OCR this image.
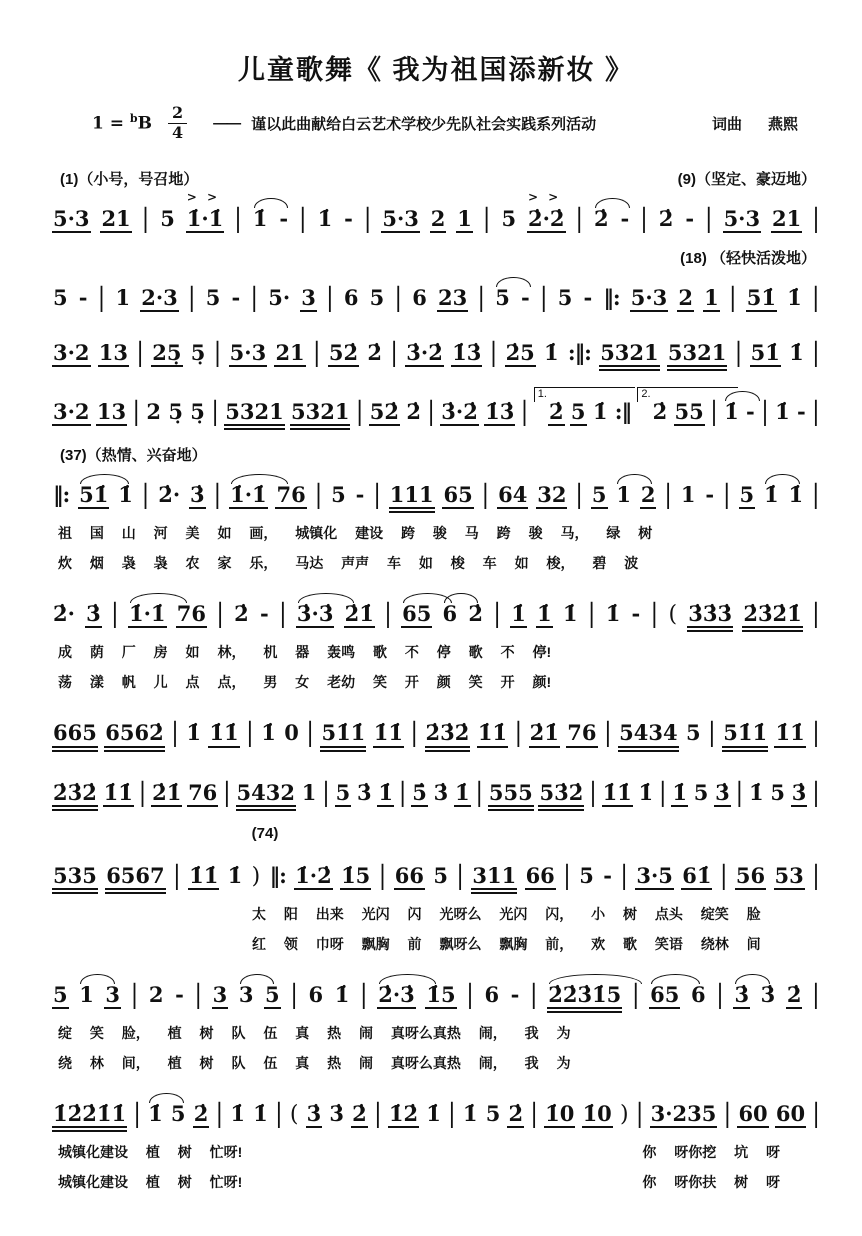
儿童歌舞《 我为祖国添新妆 》
$1 = ^bB \frac{2}{4}$ —— 谨以此曲献给白云艺术学校少先队社会实践系列活动	词曲 燕熙
(1)（小号，号召地）	(9)（坚定、豪迈地）
5·3 21 | 5 > > 1̇·1̇ | 1̇ - | 1̇ - | 5·3 2 1 | 5 > > 2̇·2̇ | 2̇ - | 2̇ - | 5·3 21 |
(18) （轻快活泼地）
5 - | 1 2·3 | 5 - | 5· 3 | 6 5 | 6 23 | 5 - | 5 - ‖: 5·3 2 1 | 51̇ 1̇ |
3·2 13 | 25̣ 5̣ | 5·3 21 | 52̇ 2̇ | 3̇·2̇ 1̇3̇ | 2̇5 1̇ :‖: 5321 5321 | 51̇ 1̇ |
3·2 13 | 2 5̣ 5̣ | 5321 5321 | 52̇ 2̇ | 3̇·2̇ 1̇3̇ |
1.
2̇ 5 1̇ :‖
2.
2̇ 55 | 1̇ - | 1̇ - |
(37)（热情、兴奋地）
‖: 51̇ 1̇ | 2̇· 3̇ | 1̇·1̇ 76 | 5 - | 111 65 | 64 32 | 5 1 2 | 1 - | 5 1̇ 1̇ |
祖 国 山 河 美 如 画， 城镇化 建设 跨 骏 马 跨 骏 马， 绿 树
炊 烟 袅 袅 农 家 乐， 马达 声声 车 如 梭 车 如 梭， 碧 波
2̇· 3̇ | 1̇·1̇ 76 | 2̇ - | 3̇·3̇ 2̇1̇ | 65 6 2̇ | 1̇ 1̇ 1̇ | 1̇ - | ( 3̇3̇3̇ 2̇3̇2̇1̇ |
成 荫 厂 房 如 林， 机 器 轰鸣 歌 不 停 歌 不 停!
荡 漾 帆 儿 点 点， 男 女 老幼 笑 开 颜 笑 开 颜!
665 6562̇ | 1̇ 1̇1̇ | 1̇ 0 | 51̇1̇ 1̇1̇ | 2̇3̇2̇ 1̇1̇ | 2̇1̇ 76 | 5434 5 | 51̇1̇ 1̇1̇ |
2̇3̇2̇ 1̇1̇ | 2̇1̇ 76 | 5432 1 | 5 3̇ 1̇ | 5̇ 3̇ 1̇ | 555 53̇2̇ | 1̇1̇ 1̇ | 1̇ 5 3̇ | 1̇ 5 3̇ |
(74)
535 6567 | 1̇1̇ 1̇ ) ‖: 1̇·2̇ 1̇5 | 66 5 | 311 66 | 5 - | 3·5 61̇ | 56 53 |
太 阳 出来 光闪 闪 光呀么 光闪 闪， 小 树 点头 绽笑 脸
红 领 巾呀 飘胸 前 飘呀么 飘胸 前， 欢 歌 笑语 绕林 间
5 1 3 | 2 - | 3 3 5 | 6 1̇ | 2̇·3̇ 1̇5 | 6 - | 2̇2̇3̇1̇5 | 65 6 | 3̇ 3̇ 2̇ |
绽 笑 脸， 植 树 队 伍 真 热 闹 真呀么真热 闹， 我 为
绕 林 间， 植 树 队 伍 真 热 闹 真呀么真热 闹， 我 为
1̇2̇2̇1̇1̇ | 1̇ 5 2̇ | 1̇ 1̇ | ( 3̇ 3̇ 2̇ | 1̇2̇ 1̇ | 1̇ 5 2̇ | 1̇0 1̇0 ) | 3·235 | 60 60 |
城镇化建设 植 树 忙呀!	你 呀你挖 坑 呀
城镇化建设 植 树 忙呀!	你 呀你扶 树 呀
